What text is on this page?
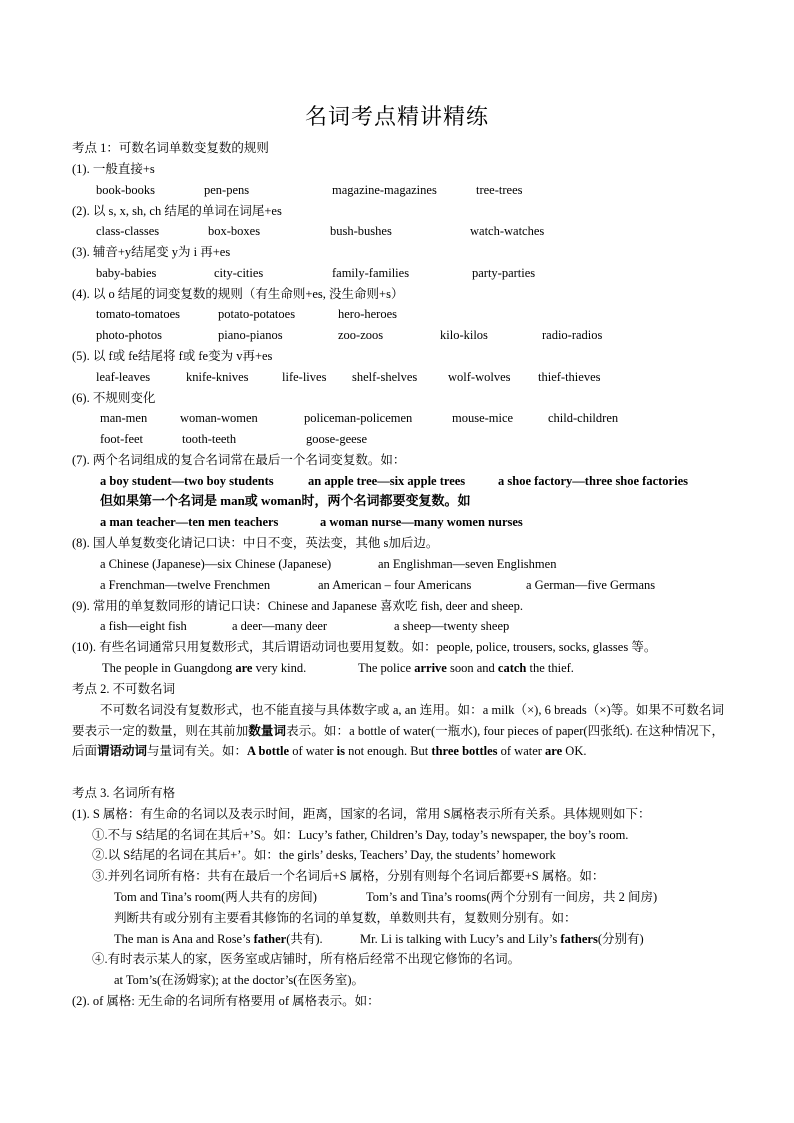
名词考点精讲精练
考点 1：可数名词单数变复数的规则
(1). 一般直接+s
book-books	pen-pens	magazine-magazines	tree-trees
(2). 以 s, x, sh, ch 结尾的单词在词尾+es
class-classes	box-boxes	bush-bushes	watch-watches
(3). 辅音+y结尾变 y为 i 再+es
baby-babies	city-cities	family-families	party-parties
(4). 以 o 结尾的词变复数的规则（有生命则+es, 没生命则+s）
tomato-tomatoes	potato-potatoes	hero-heroes
photo-photos	piano-pianos	zoo-zoos	kilo-kilos	radio-radios
(5). 以 f或 fe结尾将 f或 fe变为 v再+es
leaf-leaves	knife-knives	life-lives shelf-shelves wolf-wolves thief-thieves
(6). 不规则变化
man-men	woman-women	policeman-policemen	mouse-mice	child-children
foot-feet	tooth-teeth	goose-geese
(7). 两个名词组成的复合名词常在最后一个名词变复数。如：
a boy student—two boy students	an apple tree—six apple trees	a shoe factory—three shoe factories
但如果第一个名词是 man或 woman时，两个名词都要变复数。如
a man teacher—ten men teachers	a woman nurse—many women nurses
(8). 国人单复数变化请记口诀：中日不变，英法变，其他 s加后边。
a Chinese (Japanese)—six Chinese (Japanese)	an Englishman—seven Englishmen
a Frenchman—twelve Frenchmen	an American – four Americans	a German—five Germans
(9). 常用的单复数同形的请记口诀：Chinese and Japanese 喜欢吃 fish, deer and sheep.
a fish—eight fish	a deer—many deer	a sheep—twenty sheep
(10). 有些名词通常只用复数形式，其后谓语动词也要用复数。如：people, police, trousers, socks, glasses 等。
The people in Guangdong are very kind.	The police arrive soon and catch the thief.
考点 2. 不可数名词

不可数名词没有复数形式，也不能直接与具体数字或 a, an 连用。如：a milk（×), 6 breads（×)等。如果不可数名词要表示一定的数量，则在其前加数量词表示。如：a bottle of water(一瓶水), four pieces of paper(四张纸). 在这种情况下，后面谓语动词与量词有关。如：A bottle of water is not enough. But three bottles of water are OK.

考点 3. 名词所有格
(1). S 属格：有生命的名词以及表示时间，距离，国家的名词，常用 S属格表示所有关系。具体规则如下：
①.不与 S结尾的名词在其后+’S。如：Lucy’s father, Children’s Day, today’s newspaper, the boy’s room.
②.以 S结尾的名词在其后+’。如：the girls’ desks, Teachers’ Day, the students’ homework
③.并列名词所有格：共有在最后一个名词后+S 属格，分别有则每个名词后都要+S 属格。如：
Tom and Tina’s room(两人共有的房间)	Tom’s and Tina’s rooms(两个分别有一间房，共 2 间房)
判断共有或分别有主要看其修饰的名词的单复数，单数则共有，复数则分别有。如：
The man is Ana and Rose’s father(共有).	Mr. Li is talking with Lucy’s and Lily’s fathers(分别有)
④.有时表示某人的家，医务室或店铺时，所有格后经常不出现它修饰的名词。
at Tom’s(在汤姆家); at the doctor’s(在医务室)。
(2). of 属格: 无生命的名词所有格要用 of 属格表示。如：
